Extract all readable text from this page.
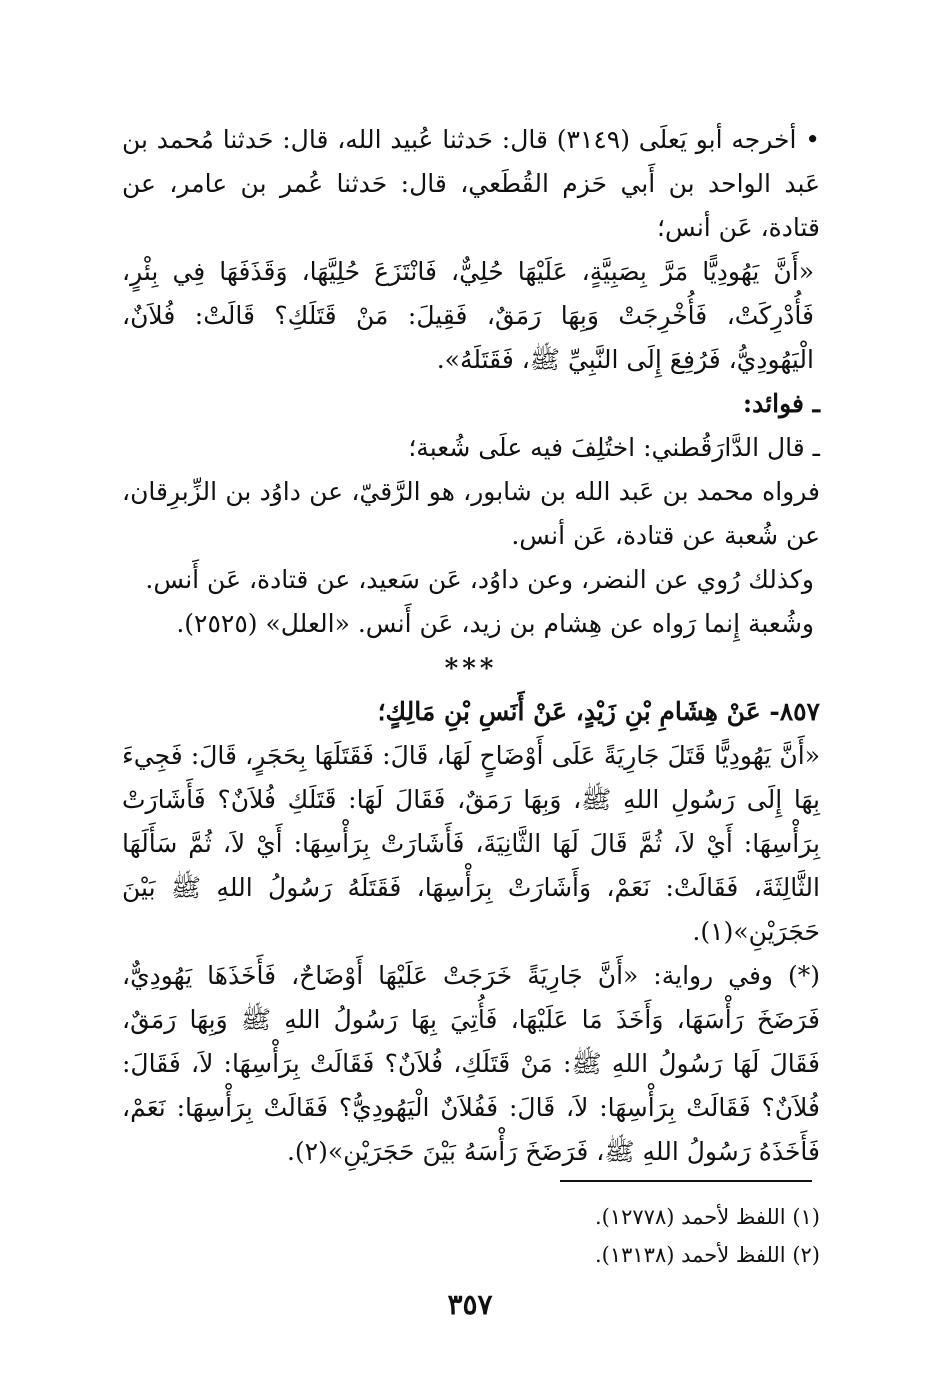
• أخرجه أبو يَعلَى (٣١٤٩) قال: حَدثنا عُبيد الله، قال: حَدثنا مُحمد بن عَبد الواحد بن أَبي حَزم القُطَعي، قال: حَدثنا عُمر بن عامر، عن قتادة، عَن أنس؛

«أَنَّ يَهُودِيًّا مَرَّ بِصَبِيَّةٍ، عَلَيْهَا حُلِيٌّ، فَانْتَزَعَ حُلِيَّهَا، وَقَذَفَهَا فِي بِئْرٍ، فَأُدْرِكَتْ، فَأُخْرِجَتْ وَبِهَا رَمَقٌ، فَقِيلَ: مَنْ قَتَلَكِ؟ قَالَتْ: فُلاَنٌ، الْيَهُودِيُّ، فَرُفِعَ إِلَى النَّبِيِّ ﷺ، فَقَتَلَهُ».

ـ فوائد:

ـ قال الدَّارَقُطني: اختُلِفَ فيه علَى شُعبة؛

فرواه محمد بن عَبد الله بن شابور، هو الرَّقيّ، عن داوُد بن الزِّبرِقان، عن شُعبة عن قتادة، عَن أنس.

وكذلك رُوي عن النضر، وعن داوُد، عَن سَعيد، عن قتادة، عَن أَنس.

وشُعبة إِنما رَواه عن هِشام بن زيد، عَن أَنس. «العلل» (٢٥٢٥).

***

٨٥٧- عَنْ هِشَامِ بْنِ زَيْدٍ، عَنْ أَنَسِ بْنِ مَالِكٍ؛

«أَنَّ يَهُودِيًّا قَتَلَ جَارِيَةً عَلَى أَوْضَاحٍ لَهَا، قَالَ: فَقَتَلَهَا بِحَجَرٍ، قَالَ: فَجِيءَ بِهَا إِلَى رَسُولِ اللهِ ﷺ، وَبِهَا رَمَقٌ، فَقَالَ لَهَا: قَتَلَكِ فُلاَنٌ؟ فَأَشَارَتْ بِرَأْسِهَا: أَيْ لاَ، ثُمَّ قَالَ لَهَا الثَّانِيَةَ، فَأَشَارَتْ بِرَأْسِهَا: أَيْ لاَ، ثُمَّ سَأَلَهَا الثَّالِثَةَ، فَقَالَتْ: نَعَمْ، وَأَشَارَتْ بِرَأْسِهَا، فَقَتَلَهُ رَسُولُ اللهِ ﷺ بَيْنَ حَجَرَيْنِ»(١).

(*) وفي رواية: «أَنَّ جَارِيَةً خَرَجَتْ عَلَيْهَا أَوْضَاحٌ، فَأَخَذَهَا يَهُودِيٌّ، فَرَضَخَ رَأْسَهَا، وَأَخَذَ مَا عَلَيْهَا، فَأُتِيَ بِهَا رَسُولُ اللهِ ﷺ وَبِهَا رَمَقٌ، فَقَالَ لَهَا رَسُولُ اللهِ ﷺ: مَنْ قَتَلَكِ، فُلاَنٌ؟ فَقَالَتْ بِرَأْسِهَا: لاَ، فَقَالَ: فُلاَنٌ؟ فَقَالَتْ بِرَأْسِهَا: لاَ، قَالَ: فَفُلاَنٌ الْيَهُودِيُّ؟ فَقَالَتْ بِرَأْسِهَا: نَعَمْ، فَأَخَذَهُ رَسُولُ اللهِ ﷺ، فَرَضَخَ رَأْسَهُ بَيْنَ حَجَرَيْنِ»(٢).

(١) اللفظ لأحمد (١٢٧٧٨).

(٢) اللفظ لأحمد (١٣١٣٨).

٣٥٧
